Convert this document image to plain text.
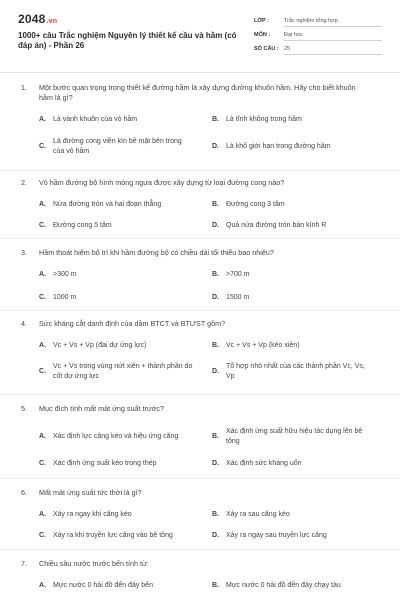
2048.vn
1000+ câu Trắc nghiệm Nguyên lý thiết kế cầu và hầm (có đáp án) - Phần 26
LỚP :	Trắc nghiệm tổng hợp
MÔN :	Đại học
SỐ CÂU : 25
1. Một bước quan trọng trong thiết kế đường hầm là xây dựng đường khuôn hầm. Hãy cho biết khuôn hầm là gì?
A. Là vành khuôn của vỏ hầm	B. Là tĩnh không trong hầm
C.
Là đường cong viền kín bề mặt bên trong của vỏ hầm
D. Là khổ giới hạn trong đường hầm
2. Vỏ hầm đường bộ hình móng ngựa được xây dựng từ loại đường cong nào?
A. Nửa đường tròn và hai đoạn thẳng	B. Đường cong 3 tâm
C. Đường cong 5 tâm	D. Quá nửa đường tròn bán kính R
3. Hầm thoát hiểm bố trí khi hầm đường bộ có chiều dài tối thiểu bao nhiêu?
A. >300 m	B. >700 m
C. 1000 m	D. 1500 m
4. Sức kháng cắt danh định của dầm BTCT và BTƯST gồm?
A. Vc + Vs + Vp (đai dự ứng lực)	B. Vc + Vs + Vp (kéo xiên)
C.
Vc + Vs trong vùng nứt xiên + thành phần do cốt dự ứng lực
D.
Tổ hợp nhỏ nhất của các thành phần Vc, Vs, Vp
5. Mục đích tính mất mát ứng suất trước?
A. Xác định lực căng kéo và hiệu ứng căng	B.
Xác định ứng suất hữu hiệu tác dụng lên bê tông
C. Xác định ứng suất kéo trong thép	D. Xác định sức kháng uốn
6. Mất mát ứng suất tức thời là gì?
A. Xảy ra ngay khi căng kéo	B. Xảy ra sau căng kéo
C. Xảy ra khi truyền lực căng vào bê tông	D. Xảy ra ngay sau truyền lực căng
7. Chiều sâu nước trước bến tính từ:
A. Mực nước 0 hải đồ đến đáy bến	B. Mực nước 0 hải đồ đến đáy chạy tàu
